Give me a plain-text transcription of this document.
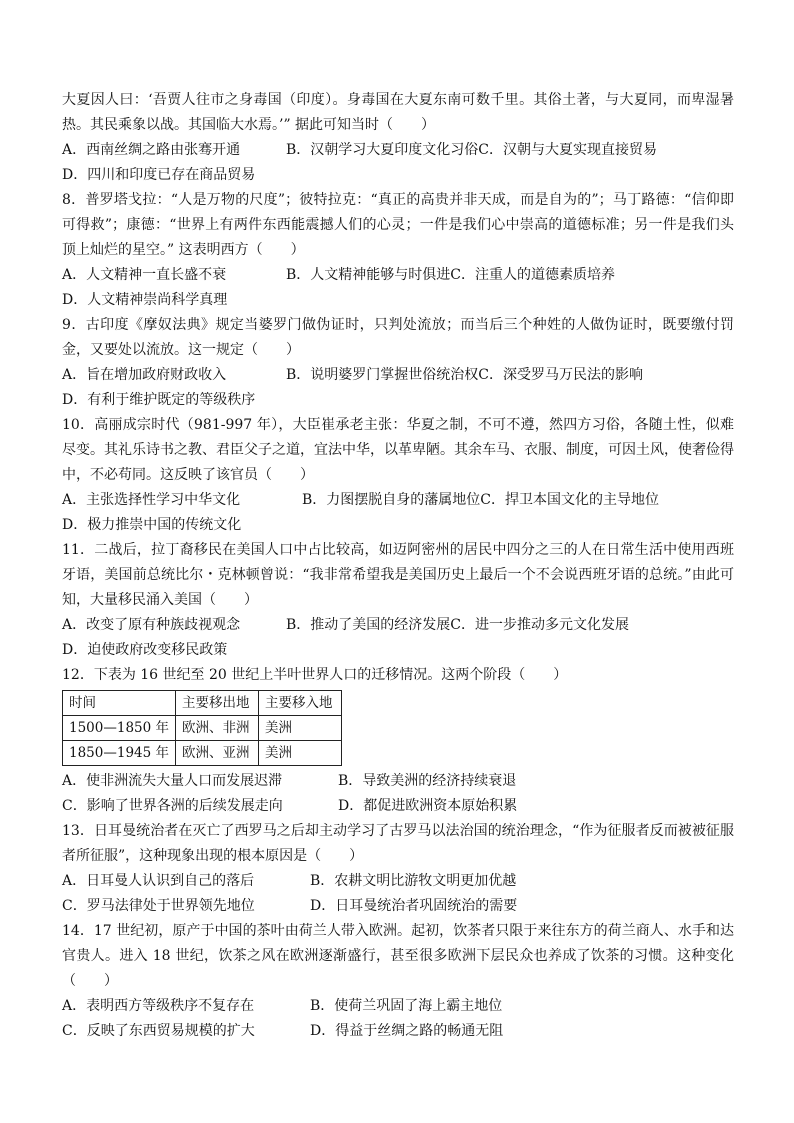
大夏因人曰：‘吾贾人往市之身毒国（印度）。身毒国在大夏东南可数千里。其俗土著，与大夏同，而卑湿暑热。其民乘象以战。其国临大水焉。’” 据此可知当时（　　）

A．西南丝绸之路由张骞开通	B．汉朝学习大夏印度文化习俗 C．汉朝与大夏实现直接贸易
D．四川和印度已存在商品贸易

8．普罗塔戈拉：“人是万物的尺度”；彼特拉克：“真正的高贵并非天成，而是自为的”；马丁路德：“信仰即可得救”；康德：“世界上有两件东西能震撼人们的心灵；一件是我们心中崇高的道德标准；另一件是我们头顶上灿烂的星空。” 这表明西方（　　）

A．人文精神一直长盛不衰	B．人文精神能够与时俱进 C．注重人的道德素质培养
D．人文精神崇尚科学真理

9．古印度《摩奴法典》规定当婆罗门做伪证时，只判处流放；而当后三个种姓的人做伪证时，既要缴付罚金，又要处以流放。这一规定（　　）

A．旨在增加政府财政收入	B．说明婆罗门掌握世俗统治权 C．深受罗马万民法的影响
D．有利于维护既定的等级秩序

10．高丽成宗时代（981-997 年），大臣崔承老主张：华夏之制，不可不遵，然四方习俗，各随土性，似难尽变。其礼乐诗书之教、君臣父子之道，宜法中华，以革卑陋。其余车马、衣服、制度，可因土风，使奢俭得中，不必苟同。这反映了该官员（　　）

A．主张选择性学习中华文化	B．力图摆脱自身的藩属地位 C．捍卫本国文化的主导地位
D．极力推崇中国的传统文化

11．二战后，拉丁裔移民在美国人口中占比较高，如迈阿密州的居民中四分之三的人在日常生活中使用西班牙语，美国前总统比尔・克林顿曾说：“我非常希望我是美国历史上最后一个不会说西班牙语的总统。”由此可知，大量移民涌入美国（　　）

A．改变了原有种族歧视观念	B．推动了美国的经济发展 C．进一步推动多元文化发展
D．迫使政府改变移民政策

12．下表为 16 世纪至 20 世纪上半叶世界人口的迁移情况。这两个阶段（　　）

时间	主要移出地	主要移入地
1500—1850 年	欧洲、非洲	美洲
1850—1945 年	欧洲、亚洲	美洲
A．使非洲流失大量人口而发展迟滞	B．导致美洲的经济持续衰退
C．影响了世界各洲的后续发展走向	D．都促进欧洲资本原始积累

13．日耳曼统治者在灭亡了西罗马之后却主动学习了古罗马以法治国的统治理念，“作为征服者反而被被征服者所征服”，这种现象出现的根本原因是（　　）

A．日耳曼人认识到自己的落后	B．农耕文明比游牧文明更加优越
C．罗马法律处于世界领先地位	D．日耳曼统治者巩固统治的需要

14．17 世纪初，原产于中国的茶叶由荷兰人带入欧洲。起初，饮茶者只限于来往东方的荷兰商人、水手和达官贵人。进入 18 世纪，饮茶之风在欧洲逐渐盛行，甚至很多欧洲下层民众也养成了饮茶的习惯。这种变化（　　）

A．表明西方等级秩序不复存在	B．使荷兰巩固了海上霸主地位
C．反映了东西贸易规模的扩大	D．得益于丝绸之路的畅通无阻
